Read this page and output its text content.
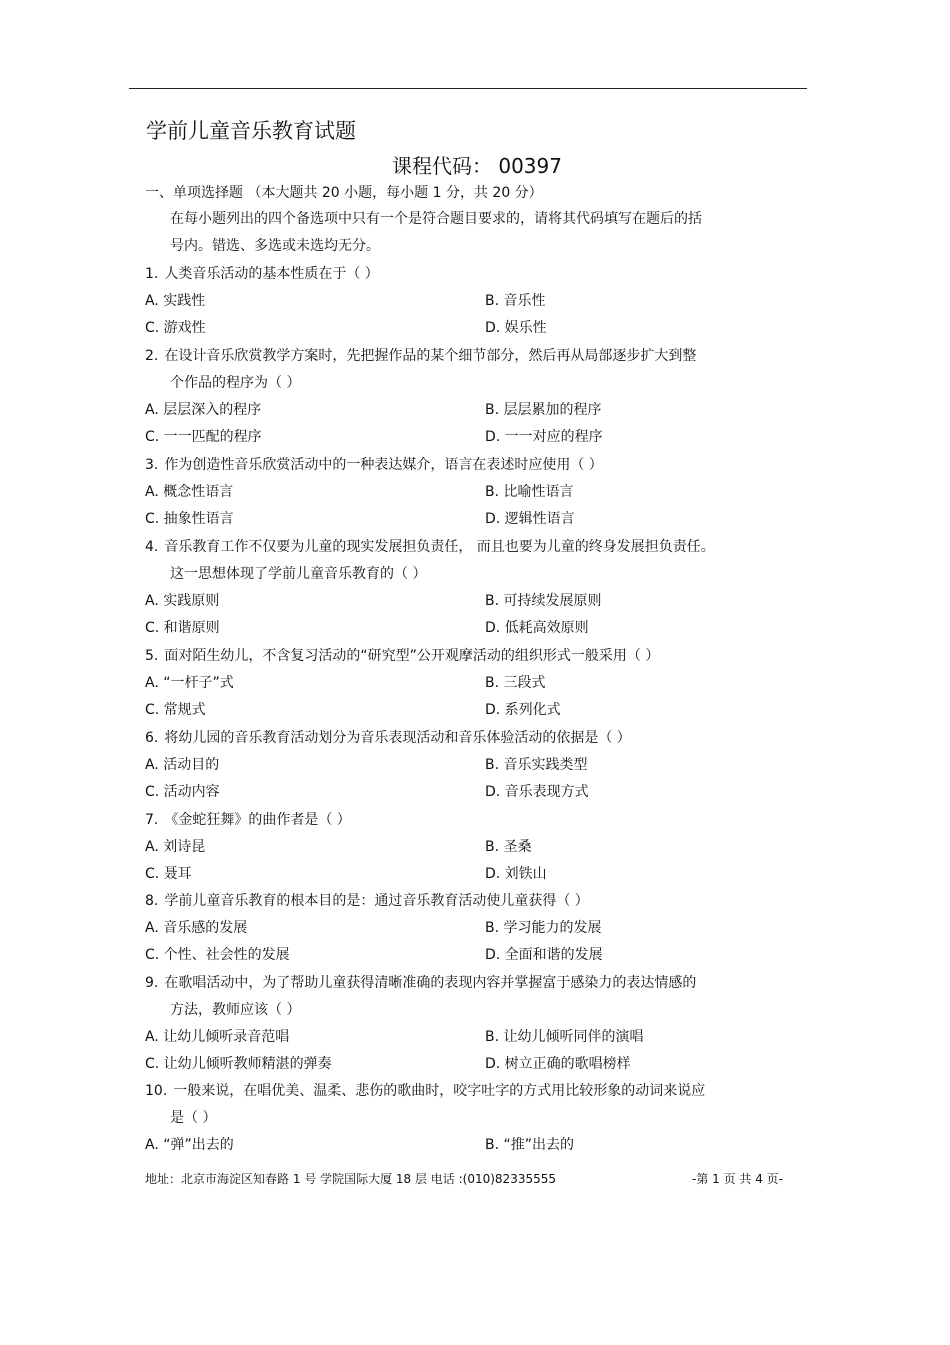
学前儿童音乐教育试题
课程代码： 00397
一、单项选择题 （本大题共 20 小题，每小题 1 分，共 20 分）
在每小题列出的四个备选项中只有一个是符合题目要求的，请将其代码填写在题后的括
号内。错选、多选或未选均无分。
1. 人类音乐活动的基本性质在于（ ）
A. 实践性	B. 音乐性
C. 游戏性	D. 娱乐性
2. 在设计音乐欣赏教学方案时，先把握作品的某个细节部分，然后再从局部逐步扩大到整
个作品的程序为（ ）
A. 层层深入的程序	B. 层层累加的程序
C. 一一匹配的程序	D. 一一对应的程序
3. 作为创造性音乐欣赏活动中的一种表达媒介，语言在表述时应使用（ ）
A. 概念性语言	B. 比喻性语言
C. 抽象性语言	D. 逻辑性语言
4. 音乐教育工作不仅要为儿童的现实发展担负责任， 而且也要为儿童的终身发展担负责任。
这一思想体现了学前儿童音乐教育的（ ）
A. 实践原则	B. 可持续发展原则
C. 和谐原则	D. 低耗高效原则
5. 面对陌生幼儿，不含复习活动的“研究型”公开观摩活动的组织形式一般采用（ ）
A. “一杆子”式	B. 三段式
C. 常规式	D. 系列化式
6. 将幼儿园的音乐教育活动划分为音乐表现活动和音乐体验活动的依据是（ ）
A. 活动目的	B. 音乐实践类型
C. 活动内容	D. 音乐表现方式
7. 《金蛇狂舞》的曲作者是（ ）
A. 刘诗昆	B. 圣桑
C. 聂耳	D. 刘铁山
8. 学前儿童音乐教育的根本目的是：通过音乐教育活动使儿童获得（ ）
A. 音乐感的发展	B. 学习能力的发展
C. 个性、社会性的发展	D. 全面和谐的发展
9. 在歌唱活动中，为了帮助儿童获得清晰准确的表现内容并掌握富于感染力的表达情感的
方法，教师应该（ ）
A. 让幼儿倾听录音范唱	B. 让幼儿倾听同伴的演唱
C. 让幼儿倾听教师精湛的弹奏	D. 树立正确的歌唱榜样
10. 一般来说，在唱优美、温柔、悲伤的歌曲时，咬字吐字的方式用比较形象的动词来说应
是（ ）
A. “弹”出去的	B. “推”出去的
地址：北京市海淀区知春路 1 号 学院国际大厦 18 层 电话 :(010)82335555	-第 1 页 共 4 页-
